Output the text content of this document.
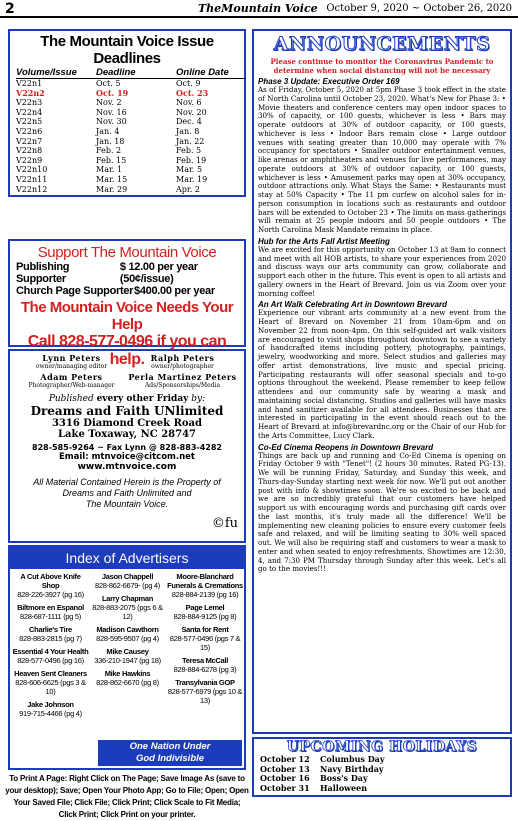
2	TheMountain Voice October 9, 2020 ~ October 26, 2020
The Mountain Voice Issue Deadlines
Volume/Issue	Deadline	Online Date
V22n1	Oct. 5	Oct. 9
V22n2	Oct. 19	Oct. 23
V22n3	Nov. 2	Nov. 6
V22n4	Nov. 16	Nov. 20
V22n5	Nov. 30	Dec. 4
V22n6	Jan. 4	Jan. 8
V22n7	Jan. 18	Jan. 22
V22n8	Feb. 2	Feb. 5
V22n9	Feb. 15	Feb. 19
V22n10	Mar. 1	Mar. 5
V22n11	Mar. 15	Mar. 19
V22n12	Mar. 29	Apr. 2
Support The Mountain Voice
Publishing Supporter
$ 12.00 per year (50¢/issue)
Church Page Supporter $400.00 per year
The Mountain Voice Needs Your Help
Call 828-577-0496 if you can help.
Lynn Peters
owner/managing editor
Ralph Peters
owner/photographer
Adam Peters
Photographer/Web-manager
Perla Martinez Peters
Ads/Sponsorships/Media
Published every other Friday by:
Dreams and Faith UNlimited
3316 Diamond Creek Road
Lake Toxaway, NC 28747
828-585-9264 ~ Fax Lynn @ 828-883-4282
Email: mtnvoice@citcom.net
www.mtnvoice.com
All Material Contained Herein is the Property of
Dreams and Faith Unlimited and
The Mountain Voice.
©fu
Index of Advertisers
A Cut Above Knife Shop
828-226-3927 (pg 16)
Biltmore en Espanol
828-687-1111 (pg 5)
Charlie's Tire
828-883-2815 (pg 7)
Essential 4 Your Health
828-577-0496 (pg 16)
Heaven Sent Cleaners
828-606-6625 (pgs 3 & 10)
Jake Johnson
919-715-4466 (pg 4)
Jason Chappell
828-862-6679- (pg 4)
Larry Chapman
828-883-2075 (pgs 6 & 12)
Madison Cawthorn
828-595-9507 (pg 4)
Mike Causey
336-210-1947 (pg 18)
Mike Hawkins
828-862-6670 (pg 8)
Moore-Blanchard Funerals & Cremations
828-884-2139 (pg 16)
Page Lemel
828-884-9125 (pg 8)
Santa for Rent
828-577-0496 (pgs 7 & 15)
Teresa McCall
828-884-6278 (pg 3)
Transylvania GOP
828-577-6979 (pgs 10 & 13)
One Nation Under
God Indivisible
ANNOUNCEMENTS
Please continue to monitor the Coronavirus Pandemic to determine when social distancing will not be necessary
Phase 3 Update: Executive Order 169

As of Friday, October 5, 2020 at 5pm Phase 3 took effect in the state of North Carolina until October 23, 2020. What's New for Phase 3: • Movie theaters and conference centers may open indoor spaces to 30% of capacity, or 100 guests, whichever is less • Bars may operate outdoors at 30% of outdoor capacity, or 100 guests, whichever is less • Indoor Bars remain close • Large outdoor venues with seating greater than 10,000 may operate with 7% occupancy for spectators • Smaller outdoor entertainment venues, like arenas or amphitheaters and venues for live performances, may operate outdoors at 30% of outdoor capacity, or 100 guests, whichever is less • Amusement parks may open at 30% occupancy, outdoor attractions only. What Stays the Same: • Restaurants must stay at 50% Capacity • The 11 pm curfew on alcohol sales for in-person consumption in locations such as restaurants and outdoor bars will be extended to October 23 • The limits on mass gatherings will remain at 25 people indoors and 50 people outdoors • The North Carolina Mask Mandate remains in place.

Hub for the Arts Fall Artist Meeting

We are excited for this opportunity on October 13 at 9am to connect and meet with all HOB artists, to share your experiences from 2020 and discuss ways our arts community can grow, collaborate and support each other in the future. This event is open to all artists and gallery owners in the Heart of Brevard. Join us via Zoom over your morning coffee!

An Art Walk Celebrating Art in Downtown Brevard

Experience our vibrant arts community at a new event from the Heart of Brevard on November 21 from 10am-6pm and on November 22 from noon-4pm. On this self-guided art walk visitors are encouraged to visit shops throughout downtown to see a variety of handcrafted items including pottery, photography, paintings, jewelry, woodworking and more. Select studios and galleries may offer artist demonstrations, live music and special pricing. Participating restaurants will offer seasonal specials and to-go options throughout the weekend. Please remember to keep fellow attendees and our community safe by wearing a mask and maintaining social distancing. Studios and galleries will have masks and hand sanitizer available for all attendees. Businesses that are interested in participating in the event should reach out to the Heart of Brevard at info@brevardnc.org or the Chair of our Hub for the Arts Committee, Lucy Clark.

Co-Ed Cinema Reopens in Downtown Brevard

Things are back up and running and Co-Ed Cinema is opening on Friday October 9 with "Tenet"! (2 hours 30 minutes. Rated PG-13). We will be running Friday, Saturday, and Sunday this week, and Thurs-day-Sunday starting next week for now. We'll put out another post with info & showtimes soon. We're so excited to be back and we are so incredibly grateful that our customers have helped support us with encouraging words and purchasing gift cards over the last months, it's truly made all the difference! We'll be implementing new cleaning policies to ensure every customer feels safe and relaxed, and will be limiting seating to 30% well spaced out. We will also be requiring staff and customers to wear a mask to enter and when seated to enjoy refreshments. Showtimes are 12:30, 4, and 7:30 PM Thursday through Sunday after this week. Let's all go to the movies!!!

UPCOMING HOLIDAYS
October 12	Columbus Day
October 13	Navy Birthday
October 16	Boss's Day
October 31	Halloween
To Print A Page: Right Click on The Page; Save Image As (save to your desktop); Save; Open Your Photo App; Go to File; Open; Open Your Saved File; Click File; Click Print; Click Scale to Fit Media; Click Print; Click Print on your printer.
